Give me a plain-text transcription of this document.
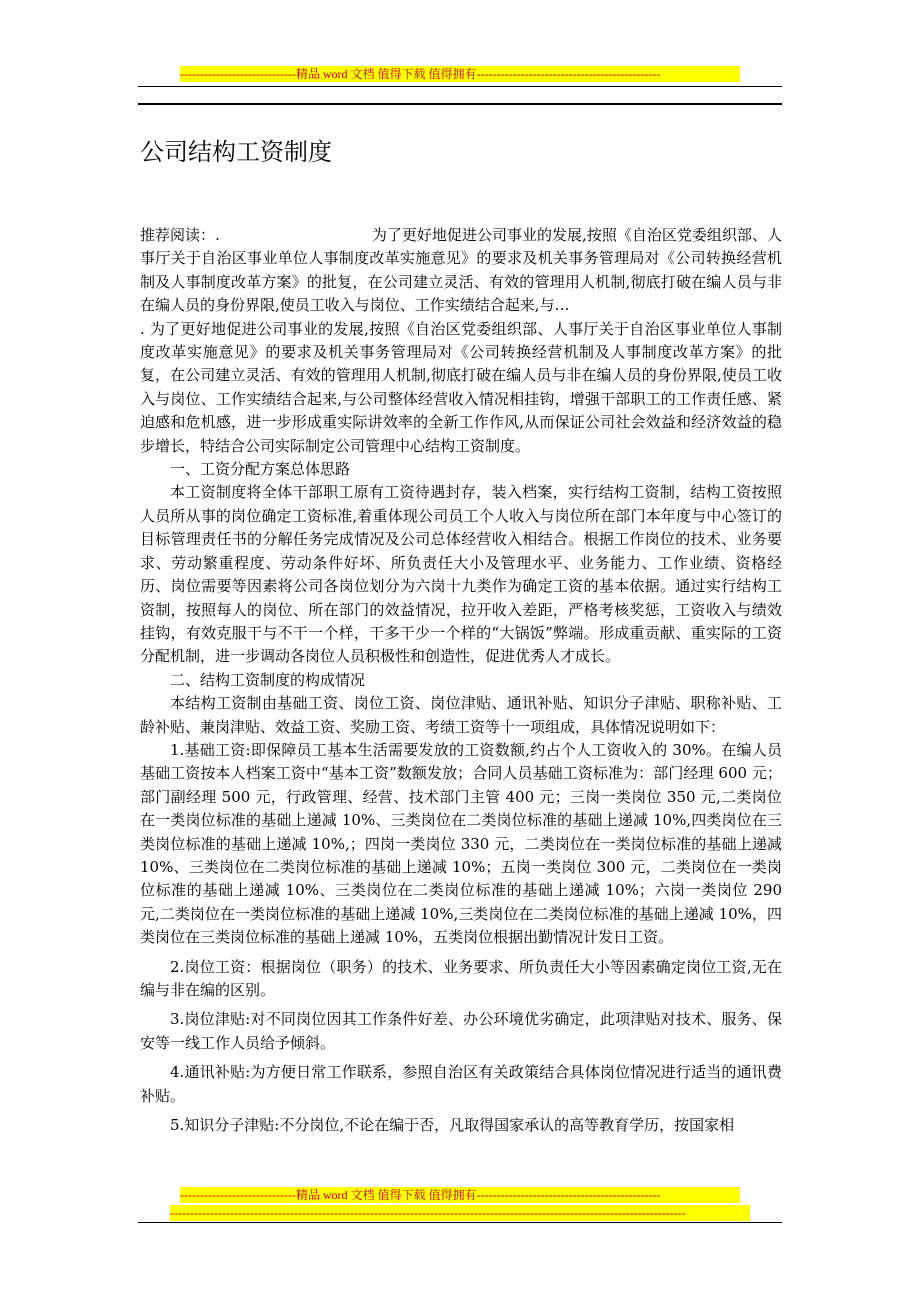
-----------------------------精品 word 文档 值得下载 值得拥有----------------------------------------------
公司结构工资制度

推荐阅读：.	为了更好地促进公司事业的发展,按照《自治区党委组织部、人事厅关于自治区事业单位人事制度改革实施意见》的要求及机关事务管理局对《公司转换经营机制及人事制度改革方案》的批复，在公司建立灵活、有效的管理用人机制,彻底打破在编人员与非在编人员的身份界限,使员工收入与岗位、工作实绩结合起来,与…

. 为了更好地促进公司事业的发展,按照《自治区党委组织部、人事厅关于自治区事业单位人事制度改革实施意见》的要求及机关事务管理局对《公司转换经营机制及人事制度改革方案》的批复，在公司建立灵活、有效的管理用人机制,彻底打破在编人员与非在编人员的身份界限,使员工收入与岗位、工作实绩结合起来,与公司整体经营收入情况相挂钩，增强干部职工的工作责任感、紧迫感和危机感，进一步形成重实际讲效率的全新工作作风,从而保证公司社会效益和经济效益的稳步增长，特结合公司实际制定公司管理中心结构工资制度。

一、工资分配方案总体思路

本工资制度将全体干部职工原有工资待遇封存，装入档案，实行结构工资制，结构工资按照人员所从事的岗位确定工资标准,着重体现公司员工个人收入与岗位所在部门本年度与中心签订的目标管理责任书的分解任务完成情况及公司总体经营收入相结合。根据工作岗位的技术、业务要求、劳动繁重程度、劳动条件好坏、所负责任大小及管理水平、业务能力、工作业绩、资格经历、岗位需要等因素将公司各岗位划分为六岗十九类作为确定工资的基本依据。通过实行结构工资制，按照每人的岗位、所在部门的效益情况，拉开收入差距，严格考核奖惩，工资收入与绩效挂钩，有效克服干与不干一个样，干多干少一个样的“大锅饭”弊端。形成重贡献、重实际的工资分配机制，进一步调动各岗位人员积极性和创造性，促进优秀人才成长。

二、结构工资制度的构成情况

本结构工资制由基础工资、岗位工资、岗位津贴、通讯补贴、知识分子津贴、职称补贴、工龄补贴、兼岗津贴、效益工资、奖励工资、考绩工资等十一项组成，具体情况说明如下：

1.基础工资:即保障员工基本生活需要发放的工资数额,约占个人工资收入的 30%。在编人员基础工资按本人档案工资中“基本工资”数额发放；合同人员基础工资标准为：部门经理 600 元；部门副经理 500 元，行政管理、经营、技术部门主管 400 元；三岗一类岗位 350 元,二类岗位在一类岗位标准的基础上递减 10%、三类岗位在二类岗位标准的基础上递减 10%,四类岗位在三类岗位标准的基础上递减 10%,；四岗一类岗位 330 元，二类岗位在一类岗位标准的基础上递减 10%、三类岗位在二类岗位标准的基础上递减 10%；五岗一类岗位 300 元，二类岗位在一类岗位标准的基础上递减 10%、三类岗位在二类岗位标准的基础上递减 10%；六岗一类岗位 290 元,二类岗位在一类岗位标准的基础上递减 10%,三类岗位在二类岗位标准的基础上递减 10%，四类岗位在三类岗位标准的基础上递减 10%，五类岗位根据出勤情况计发日工资。

2.岗位工资：根据岗位（职务）的技术、业务要求、所负责任大小等因素确定岗位工资,无在编与非在编的区别。

3.岗位津贴:对不同岗位因其工作条件好差、办公环境优劣确定，此项津贴对技术、服务、保安等一线工作人员给予倾斜。

4.通讯补贴:为方便日常工作联系，参照自治区有关政策结合具体岗位情况进行适当的通讯费补贴。

5.知识分子津贴:不分岗位,不论在编于否，凡取得国家承认的高等教育学历，按国家相

-----------------------------精品 word 文档 值得下载 值得拥有----------------------------------------------
---------------------------------------------------------------------------------------------------------------------------------
